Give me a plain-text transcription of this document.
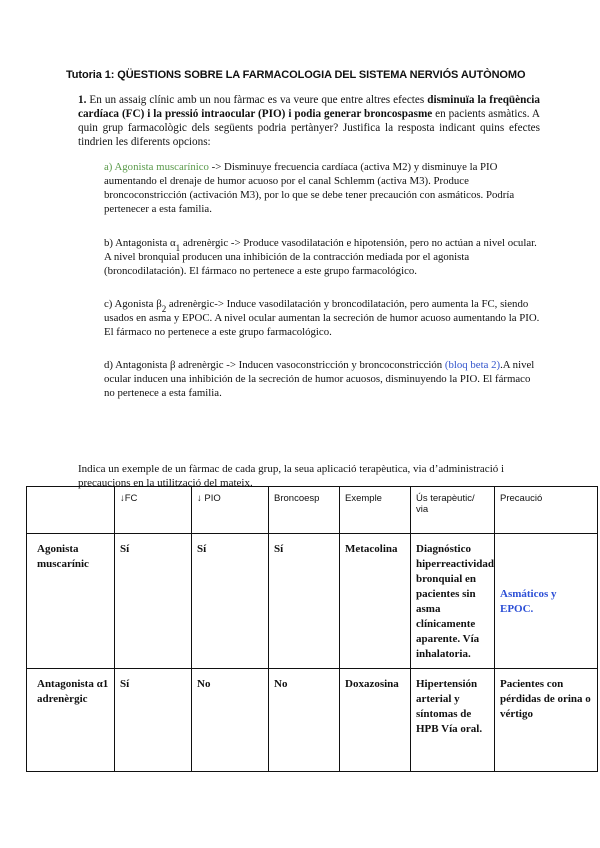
Tutoria 1: QÜESTIONS SOBRE LA FARMACOLOGIA DEL SISTEMA NERVIÓS AUTÒNOMO
1. En un assaig clínic amb un nou fàrmac es va veure que entre altres efectes disminuïa la freqüència cardíaca (FC) i la pressió intraocular (PIO) i podia generar broncospasme en pacients asmàtics. A quin grup farmacològic dels següents podria pertànyer? Justifica la resposta indicant quins efectes tindrien les diferents opcions:
a) Agonista muscarínico -> Disminuye frecuencia cardíaca (activa M2) y disminuye la PIO aumentando el drenaje de humor acuoso por el canal Schlemm (activa M3). Produce broncoconstricción (activación M3), por lo que se debe tener precaución con asmáticos. Podría pertenecer a esta familia.
b) Antagonista $\alpha_1$ adrenèrgic -> Produce vasodilatación e hipotensión, pero no actúan a nivel ocular. A nivel bronquial producen una inhibición de la contracción mediada por el agonista (broncodilatación). El fármaco no pertenece a este grupo farmacológico.
c) Agonista $\beta_2$ adrenèrgic-> Induce vasodilatación y broncodilatación, pero aumenta la FC, siendo usados en asma y EPOC. A nivel ocular aumentan la secreción de humor acuoso aumentando la PIO. El fármaco no pertenece a este grupo farmacológico.
d) Antagonista β adrenèrgic -> Inducen vasoconstricción y broncoconstricción (bloq beta 2).A nivel ocular inducen una inhibición de la secreción de humor acuosos, disminuyendo la PIO. El fármaco no pertenece a esta familia.
Indica un exemple de un fàrmac de cada grup, la seua aplicació terapèutica, via d’administració i precaucions en la utilització del mateix.
	↓FC	↓ PIO	Broncoesp	Exemple	Ús terapèutic/ via	Precaució
Agonista muscarínic	Sí	Sí	Sí	Metacolina	Diagnóstico hiperreactividad bronquial en pacientes sin asma clínicamente aparente. Vía inhalatoria.	Asmáticos y EPOC.
Antagonista α1 adrenèrgic	Sí	No	No	Doxazosina	Hipertensión arterial y síntomas de HPB Vía oral.	Pacientes con pérdidas de orina o vértigo
